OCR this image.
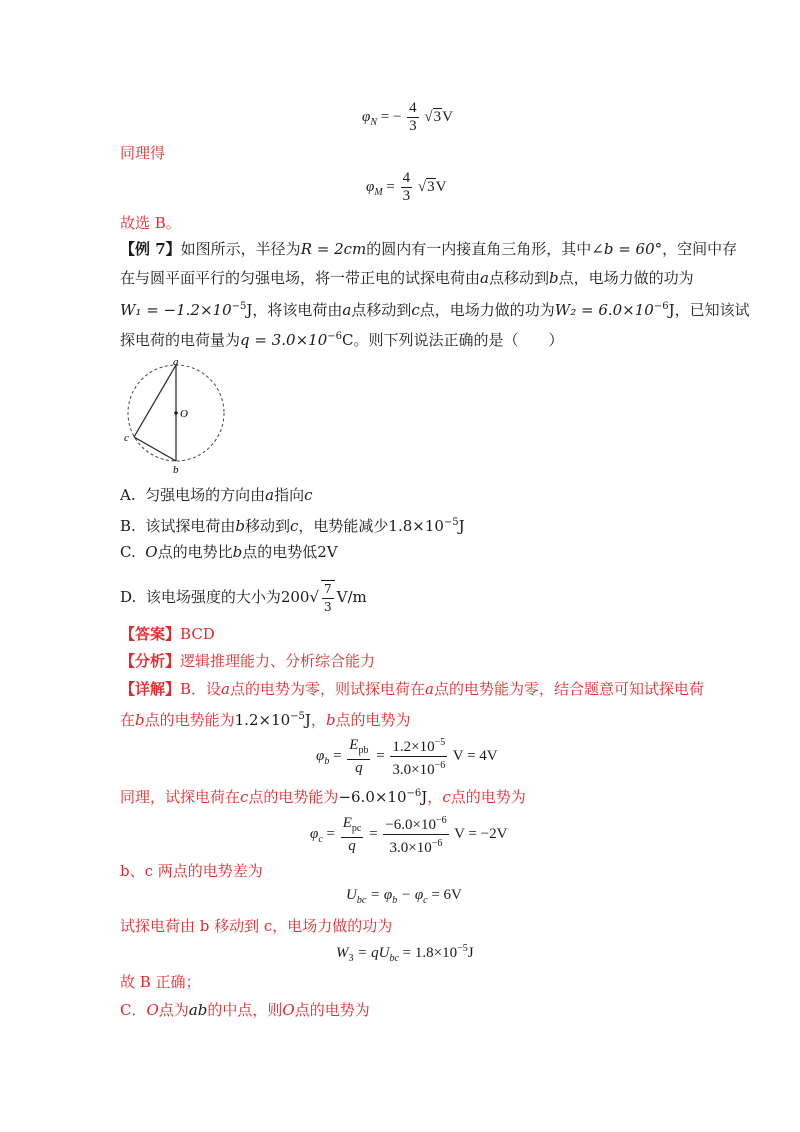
$\varphi_N$ = − $\frac{4}{3} √3V$
同理得
$\varphi_M = \frac{4}{3} √3V$
故选 B。
【例 7】如图所示，半径为R = 2cm的圆内有一内接直角三角形，其中∠b = 60°，空间中存
在与圆平面平行的匀强电场，将一带正电的试探电荷由a点移动到b点，电场力做的功为
$W_1 = -1.2\times 10^{-5}J$，将该电荷由a点移动到c点，电场力做的功为$W_2 = 6.0\times 10^{-6}J$，已知该试
探电荷的电荷量为$q = 3.0\times 10^{-6}C$。则下列说法正确的是（　　）
a
b
c
O
A. 匀强电场的方向由a指向c
B. 该试探电荷由b移动到c，电势能减少$1.8\times 10^{-5}J$
C. O点的电势比b点的电势低2V
D. 该电场强度的大小为$200√ \frac{7}{3} V/m$
【答案】BCD
【分析】逻辑推理能力、分析综合能力
【详解】B．设a点的电势为零，则试探电荷在a点的电势能为零，结合题意可知试探电荷
在b点的电势能为$1.2\times 10^{-5}J$，b点的电势为
$\varphi_b = \frac{E_{pb}}{q} = \frac{1.2\times 10^{-5}}{3.0\times 10^{-6}}$ V = 4V
同理，试探电荷在c点的电势能为$-6.0\times 10^{-6}J$，c点的电势为
$\varphi_c = \frac{E_{pc}}{q} = \frac{-6.0\times 10^{-6}}{3.0\times 10^{-6}}$ V = −2V
b、c 两点的电势差为
$U_{bc} = \varphi_b - \varphi_c = 6V$
试探电荷由 b 移动到 c，电场力做的功为
$W_3 = qU_{bc} = 1.8\times 10^{-5}J$
故 B 正确；
C．O点为ab的中点，则O点的电势为
